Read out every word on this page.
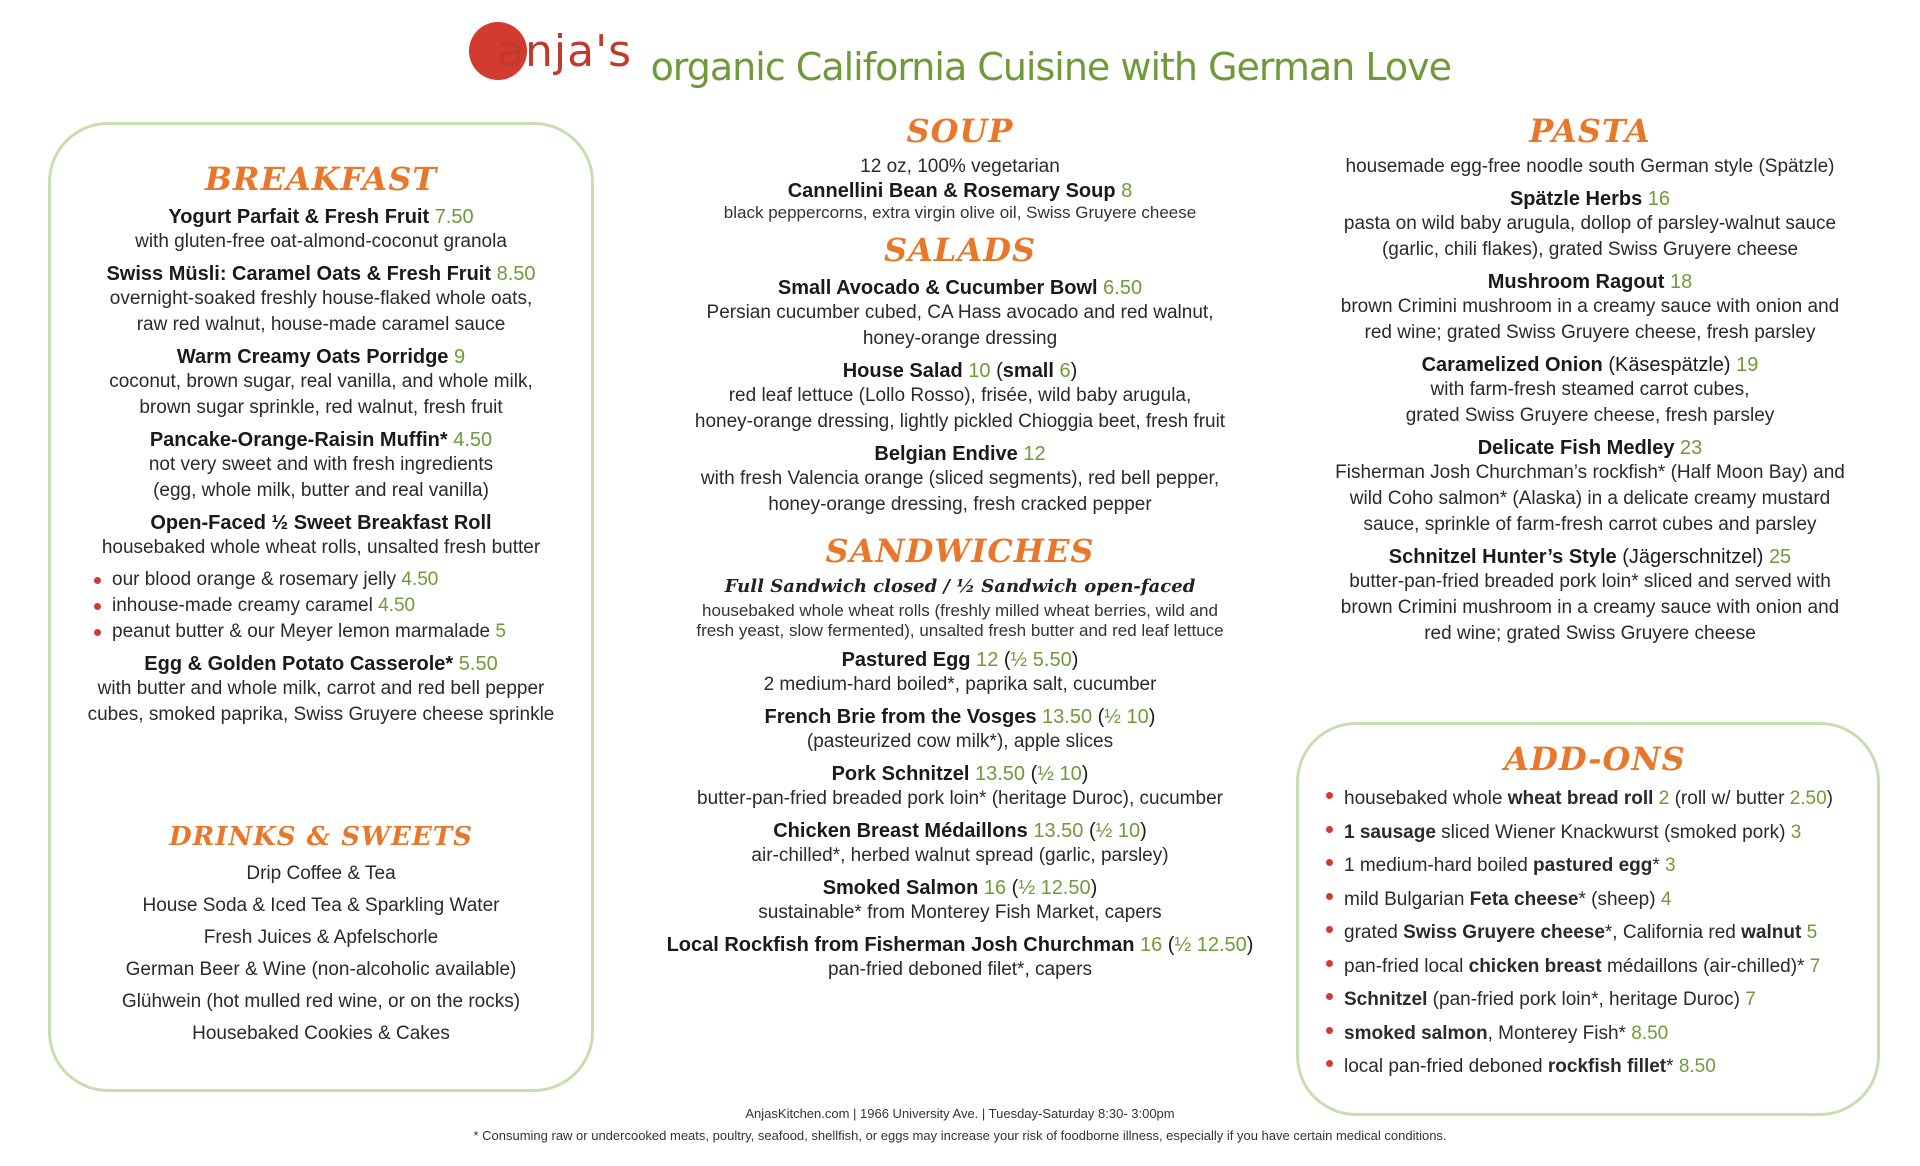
anja's organic California Cuisine with German Love
BREAKFAST
Yogurt Parfait & Fresh Fruit 7.50
with gluten-free oat-almond-coconut granola
Swiss Müsli: Caramel Oats & Fresh Fruit 8.50
overnight-soaked freshly house-flaked whole oats,
raw red walnut, house-made caramel sauce
Warm Creamy Oats Porridge 9
coconut, brown sugar, real vanilla, and whole milk,
brown sugar sprinkle, red walnut, fresh fruit
Pancake-Orange-Raisin Muffin* 4.50
not very sweet and with fresh ingredients
(egg, whole milk, butter and real vanilla)
Open-Faced ½ Sweet Breakfast Roll
housebaked whole wheat rolls, unsalted fresh butter
our blood orange & rosemary jelly 4.50
inhouse-made creamy caramel 4.50
peanut butter & our Meyer lemon marmalade 5
Egg & Golden Potato Casserole* 5.50
with butter and whole milk, carrot and red bell pepper
cubes, smoked paprika, Swiss Gruyere cheese sprinkle
DRINKS & SWEETS
Drip Coffee & Tea
House Soda & Iced Tea & Sparkling Water
Fresh Juices & Apfelschorle
German Beer & Wine (non-alcoholic available)
Glühwein (hot mulled red wine, or on the rocks)
Housebaked Cookies & Cakes
SOUP
12 oz, 100% vegetarian
Cannellini Bean & Rosemary Soup 8
black peppercorns, extra virgin olive oil, Swiss Gruyere cheese
SALADS
Small Avocado & Cucumber Bowl 6.50
Persian cucumber cubed, CA Hass avocado and red walnut,
honey-orange dressing
House Salad 10 (small 6)
red leaf lettuce (Lollo Rosso), frisée, wild baby arugula,
honey-orange dressing, lightly pickled Chioggia beet, fresh fruit
Belgian Endive 12
with fresh Valencia orange (sliced segments), red bell pepper,
honey-orange dressing, fresh cracked pepper
SANDWICHES
Full Sandwich closed / ½ Sandwich open-faced
housebaked whole wheat rolls (freshly milled wheat berries, wild and
fresh yeast, slow fermented), unsalted fresh butter and red leaf lettuce
Pastured Egg 12 (½ 5.50)
2 medium-hard boiled*, paprika salt, cucumber
French Brie from the Vosges 13.50 (½ 10)
(pasteurized cow milk*), apple slices
Pork Schnitzel 13.50 (½ 10)
butter-pan-fried breaded pork loin* (heritage Duroc), cucumber
Chicken Breast Médaillons 13.50 (½ 10)
air-chilled*, herbed walnut spread (garlic, parsley)
Smoked Salmon 16 (½ 12.50)
sustainable* from Monterey Fish Market, capers
Local Rockfish from Fisherman Josh Churchman 16 (½ 12.50)
pan-fried deboned filet*, capers
PASTA
housemade egg-free noodle south German style (Spätzle)
Spätzle Herbs 16
pasta on wild baby arugula, dollop of parsley-walnut sauce
(garlic, chili flakes), grated Swiss Gruyere cheese
Mushroom Ragout 18
brown Crimini mushroom in a creamy sauce with onion and
red wine; grated Swiss Gruyere cheese, fresh parsley
Caramelized Onion (Käsespätzle) 19
with farm-fresh steamed carrot cubes,
grated Swiss Gruyere cheese, fresh parsley
Delicate Fish Medley 23
Fisherman Josh Churchman’s rockfish* (Half Moon Bay) and
wild Coho salmon* (Alaska) in a delicate creamy mustard
sauce, sprinkle of farm-fresh carrot cubes and parsley
Schnitzel Hunter’s Style (Jägerschnitzel) 25
butter-pan-fried breaded pork loin* sliced and served with
brown Crimini mushroom in a creamy sauce with onion and
red wine; grated Swiss Gruyere cheese
ADD-ONS
housebaked whole wheat bread roll 2 (roll w/ butter 2.50)
1 sausage sliced Wiener Knackwurst (smoked pork) 3
1 medium-hard boiled pastured egg* 3
mild Bulgarian Feta cheese* (sheep) 4
grated Swiss Gruyere cheese*, California red walnut 5
pan-fried local chicken breast médaillons (air-chilled)* 7
Schnitzel (pan-fried pork loin*, heritage Duroc) 7
smoked salmon, Monterey Fish* 8.50
local pan-fried deboned rockfish fillet* 8.50
AnjasKitchen.com | 1966 University Ave. | Tuesday-Saturday 8:30- 3:00pm
* Consuming raw or undercooked meats, poultry, seafood, shellfish, or eggs may increase your risk of foodborne illness, especially if you have certain medical conditions.
